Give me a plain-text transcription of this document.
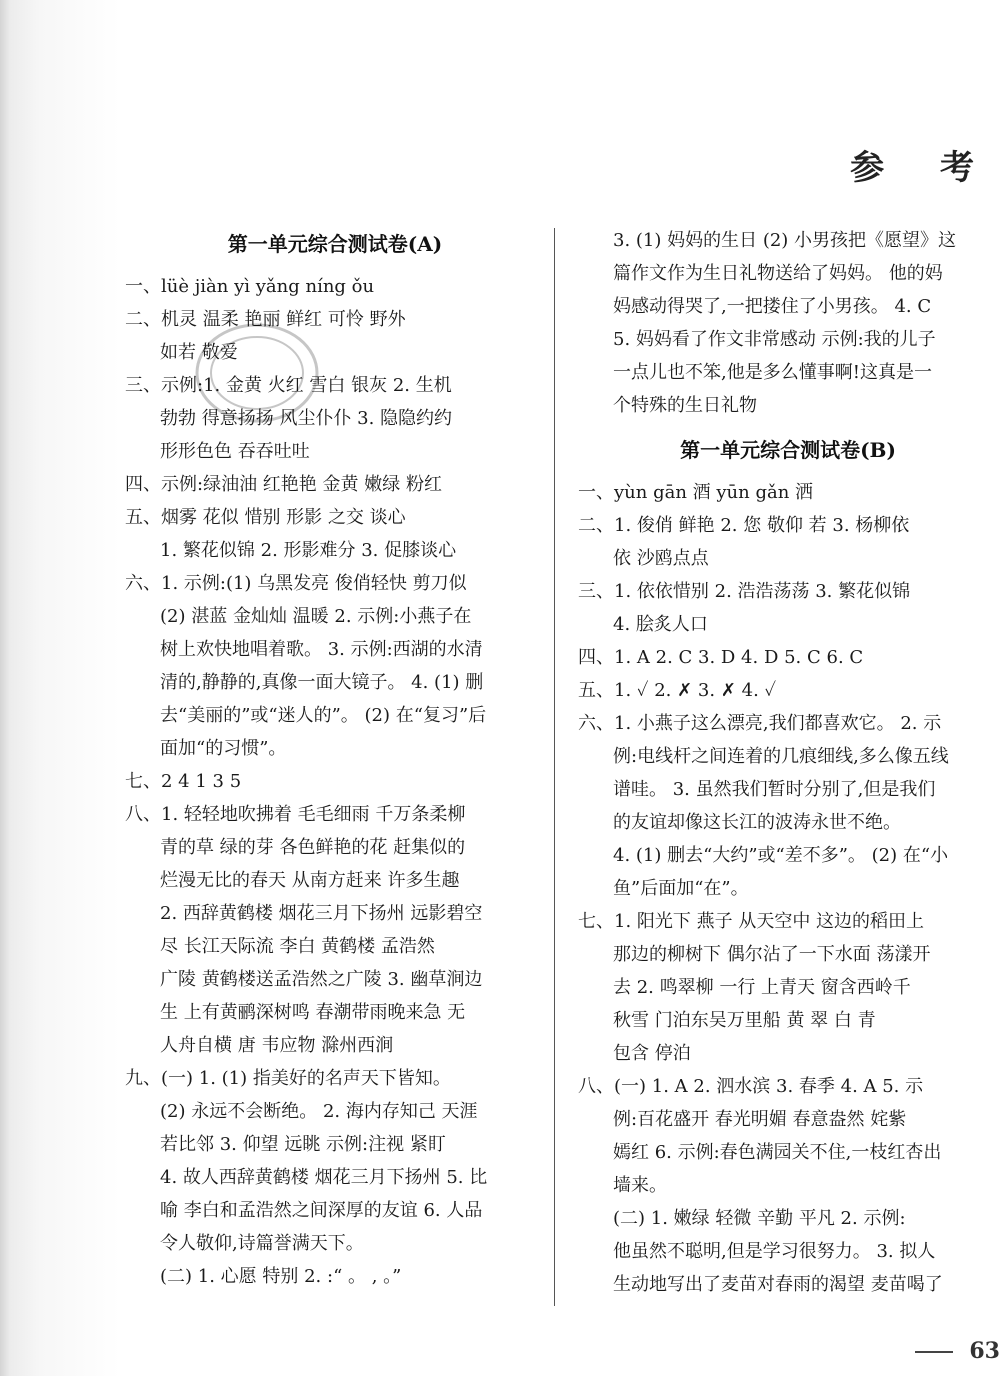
参 考
第一单元综合测试卷(A)

一、lüè jiàn yì yǎng níng ǒu

二、机灵 温柔 艳丽 鲜红 可怜 野外

如若 敬爱

三、示例:1. 金黄 火红 雪白 银灰 2. 生机

勃勃 得意扬扬 风尘仆仆 3. 隐隐约约

形形色色 吞吞吐吐

四、示例:绿油油 红艳艳 金黄 嫩绿 粉红

五、烟雾 花似 惜别 形影 之交 谈心

1. 繁花似锦 2. 形影难分 3. 促膝谈心

六、1. 示例:(1) 乌黑发亮 俊俏轻快 剪刀似

(2) 湛蓝 金灿灿 温暖 2. 示例:小燕子在

树上欢快地唱着歌。 3. 示例:西湖的水清

清的,静静的,真像一面大镜子。 4. (1) 删

去“美丽的”或“迷人的”。 (2) 在“复习”后

面加“的习惯”。

七、2 4 1 3 5

八、1. 轻轻地吹拂着 毛毛细雨 千万条柔柳

青的草 绿的芽 各色鲜艳的花 赶集似的

烂漫无比的春天 从南方赶来 许多生趣

2. 西辞黄鹤楼 烟花三月下扬州 远影碧空

尽 长江天际流 李白 黄鹤楼 孟浩然

广陵 黄鹤楼送孟浩然之广陵 3. 幽草涧边

生 上有黄鹂深树鸣 春潮带雨晚来急 无

人舟自横 唐 韦应物 滁州西涧

九、(一) 1. (1) 指美好的名声天下皆知。

(2) 永远不会断绝。 2. 海内存知己 天涯

若比邻 3. 仰望 远眺 示例:注视 紧盯

4. 故人西辞黄鹤楼 烟花三月下扬州 5. 比

喻 李白和孟浩然之间深厚的友谊 6. 人品

令人敬仰,诗篇誉满天下。

(二) 1. 心愿 特别 2. :“ 。 , 。”

3. (1) 妈妈的生日 (2) 小男孩把《愿望》这

篇作文作为生日礼物送给了妈妈。 他的妈

妈感动得哭了,一把搂住了小男孩。 4. C

5. 妈妈看了作文非常感动 示例:我的儿子

一点儿也不笨,他是多么懂事啊!这真是一

个特殊的生日礼物

第一单元综合测试卷(B)

一、yùn gān 酒 yūn gǎn 洒

二、1. 俊俏 鲜艳 2. 您 敬仰 若 3. 杨柳依

依 沙鸥点点

三、1. 依依惜别 2. 浩浩荡荡 3. 繁花似锦

4. 脍炙人口

四、1. A 2. C 3. D 4. D 5. C 6. C

五、1. ✓ 2. ✗ 3. ✗ 4. ✓

六、1. 小燕子这么漂亮,我们都喜欢它。 2. 示

例:电线杆之间连着的几痕细线,多么像五线

谱哇。 3. 虽然我们暂时分别了,但是我们

的友谊却像这长江的波涛永世不绝。

4. (1) 删去“大约”或“差不多”。 (2) 在“小

鱼”后面加“在”。

七、1. 阳光下 燕子 从天空中 这边的稻田上

那边的柳树下 偶尔沾了一下水面 荡漾开

去 2. 鸣翠柳 一行 上青天 窗含西岭千

秋雪 门泊东吴万里船 黄 翠 白 青

包含 停泊

八、(一) 1. A 2. 泗水滨 3. 春季 4. A 5. 示

例:百花盛开 春光明媚 春意盎然 姹紫

嫣红 6. 示例:春色满园关不住,一枝红杏出

墙来。

(二) 1. 嫩绿 轻微 辛勤 平凡 2. 示例:

他虽然不聪明,但是学习很努力。 3. 拟人

生动地写出了麦苗对春雨的渴望 麦苗喝了

63
